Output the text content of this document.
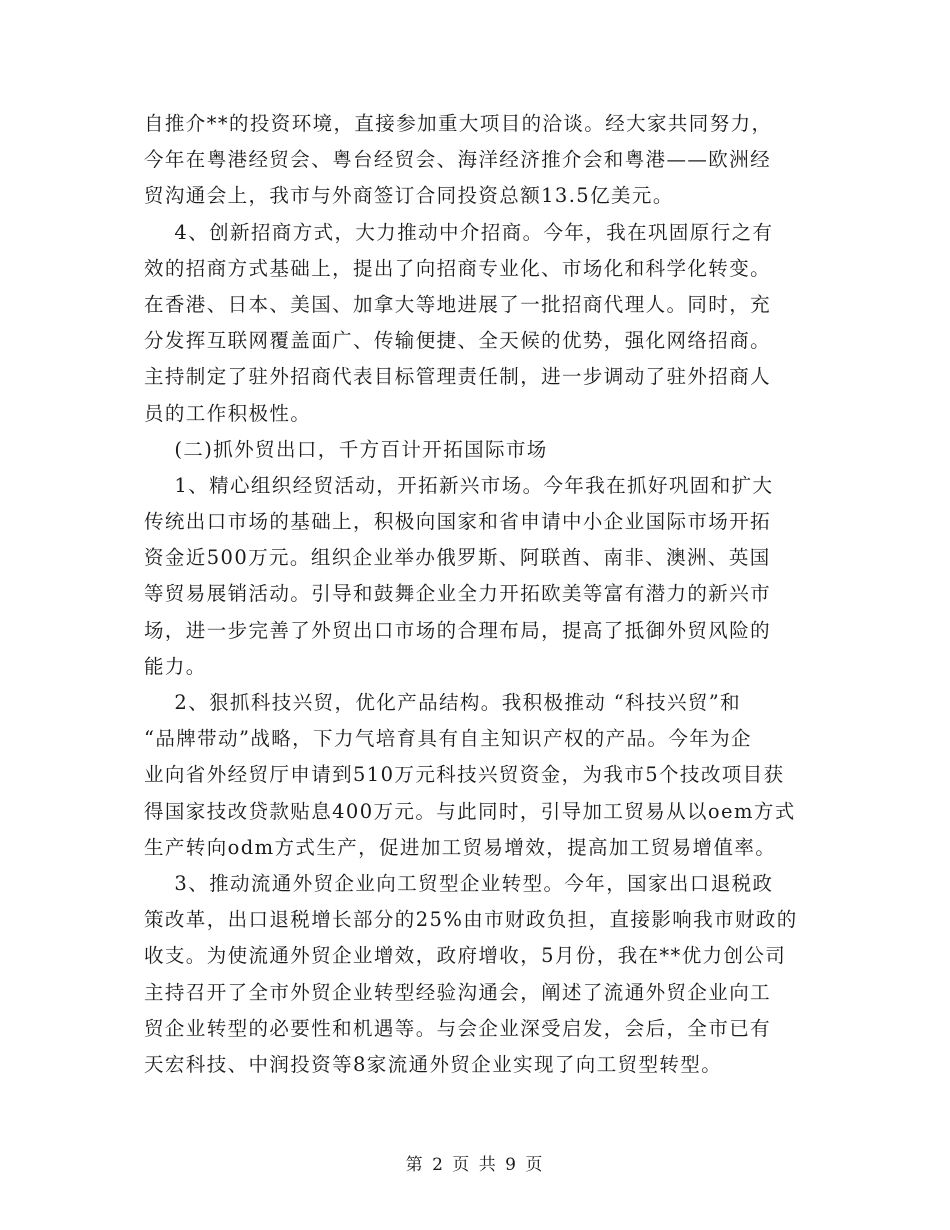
自推介**的投资环境，直接参加重大项目的洽谈。经大家共同努力，
今年在粤港经贸会、粤台经贸会、海洋经济推介会和粤港——欧洲经
贸沟通会上，我市与外商签订合同投资总额13.5亿美元。
4、创新招商方式，大力推动中介招商。今年，我在巩固原行之有
效的招商方式基础上，提出了向招商专业化、市场化和科学化转变。
在香港、日本、美国、加拿大等地进展了一批招商代理人。同时，充
分发挥互联网覆盖面广、传输便捷、全天候的优势，强化网络招商。
主持制定了驻外招商代表目标管理责任制，进一步调动了驻外招商人
员的工作积极性。
(二)抓外贸出口，千方百计开拓国际市场
1、精心组织经贸活动，开拓新兴市场。今年我在抓好巩固和扩大
传统出口市场的基础上，积极向国家和省申请中小企业国际市场开拓
资金近500万元。组织企业举办俄罗斯、阿联酋、南非、澳洲、英国
等贸易展销活动。引导和鼓舞企业全力开拓欧美等富有潜力的新兴市
场，进一步完善了外贸出口市场的合理布局，提高了抵御外贸风险的
能力。
2、狠抓科技兴贸，优化产品结构。我积极推动 “科技兴贸”和
“品牌带动”战略，下力气培育具有自主知识产权的产品。今年为企
业向省外经贸厅申请到510万元科技兴贸资金，为我市5个技改项目获
得国家技改贷款贴息400万元。与此同时，引导加工贸易从以oem方式
生产转向odm方式生产，促进加工贸易增效，提高加工贸易增值率。
3、推动流通外贸企业向工贸型企业转型。今年，国家出口退税政
策改革，出口退税增长部分的25%由市财政负担，直接影响我市财政的
收支。为使流通外贸企业增效，政府增收，5月份，我在**优力创公司
主持召开了全市外贸企业转型经验沟通会，阐述了流通外贸企业向工
贸企业转型的必要性和机遇等。与会企业深受启发，会后，全市已有
天宏科技、中润投资等8家流通外贸企业实现了向工贸型转型。
第 2 页 共 9 页
